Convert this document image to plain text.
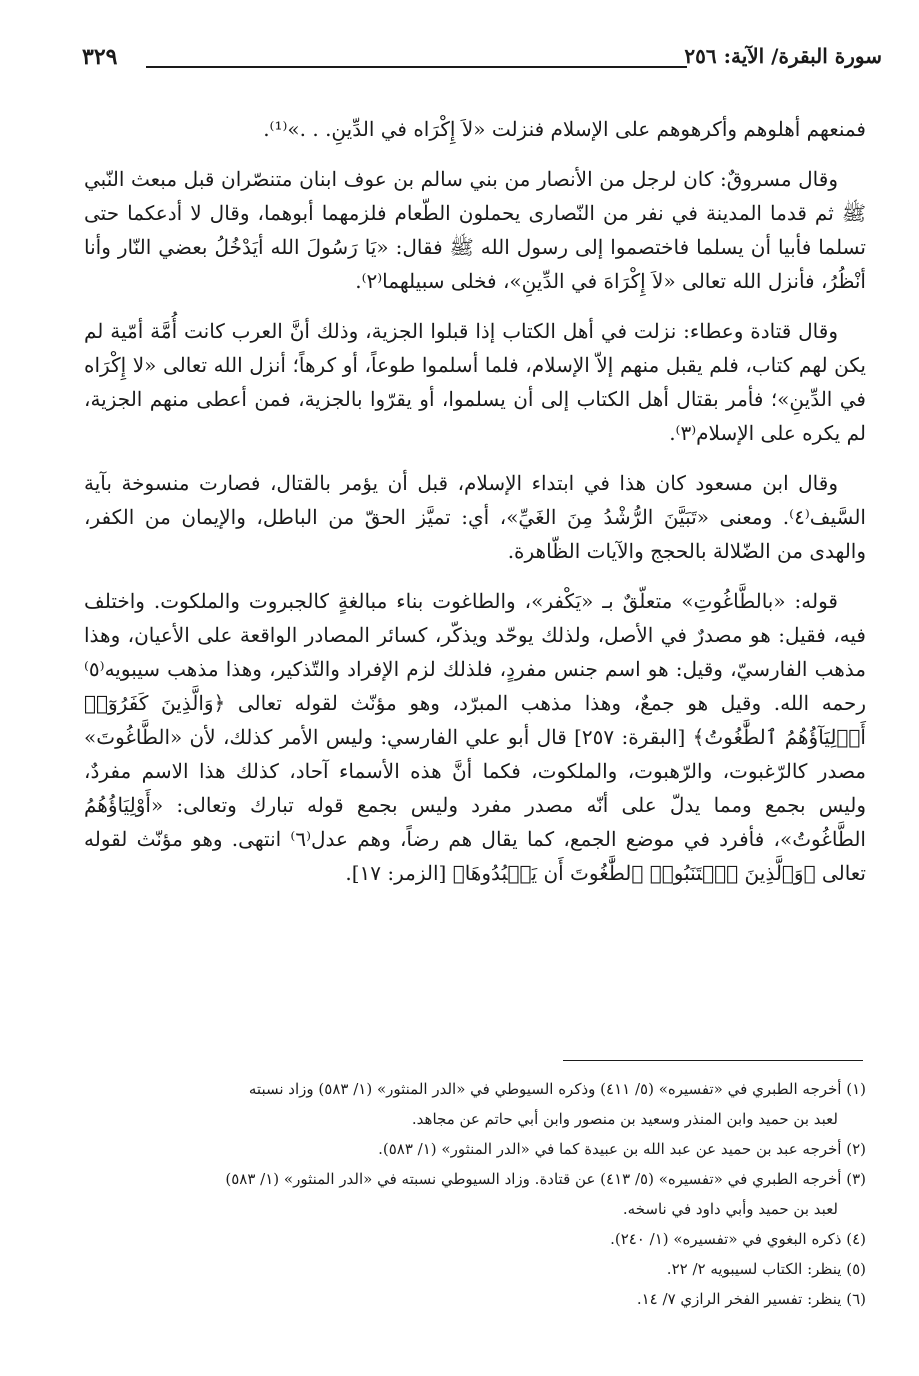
سورة البقرة/ الآية: ٢٥٦
٣٢٩

فمنعهم أهلوهم وأكرهوهم على الإسلام فنزلت «لاَ إِكْرَاه في الدِّينِ. . .»⁽¹⁾.

وقال مسروقٌ: كان لرجل من الأنصار من بني سالم بن عوف ابنان متنصّران قبل مبعث النّبي ﷺ ثم قدما المدينة في نفر من النّصارى يحملون الطّعام فلزمهما أبوهما، وقال لا أدعكما حتى تسلما فأبيا أن يسلما فاختصموا إلى رسول الله ﷺ فقال: «يَا رَسُولَ الله أيَدْخُلُ بعضي النّار وأنا أنْظُرُ، فأنزل الله تعالى «لاَ إِكْرَاهَ في الدِّينِ»، فخلى سبيلهما⁽٢⁾.

وقال قتادة وعطاء: نزلت في أهل الكتاب إذا قبلوا الجزية، وذلك أنَّ العرب كانت أُمَّة أمّية لم يكن لهم كتاب، فلم يقبل منهم إلاّ الإسلام، فلما أسلموا طوعاً، أو كرهاً؛ أنزل الله تعالى «لا إِكْرَاه في الدِّينِ»؛ فأمر بقتال أهل الكتاب إلى أن يسلموا، أو يقرّوا بالجزية، فمن أعطى منهم الجزية، لم يكره على الإسلام⁽٣⁾.

وقال ابن مسعود كان هذا في ابتداء الإسلام، قبل أن يؤمر بالقتال، فصارت منسوخة بآية السَّيف⁽٤⁾. ومعنى «تَبَيَّنَ الرُّشْدُ مِنَ الغَيِّ»، أي: تميَّز الحقّ من الباطل، والإيمان من الكفر، والهدى من الضّلالة بالحجج والآيات الظّاهرة.

قوله: «بالطَّاغُوتِ» متعلّقٌ بـ «يَكْفر»، والطاغوت بناء مبالغةٍ كالجبروت والملكوت. واختلف فيه، فقيل: هو مصدرٌ في الأصل، ولذلك يوحّد ويذكّر، كسائر المصادر الواقعة على الأعيان، وهذا مذهب الفارسيّ، وقيل: هو اسم جنس مفردٍ، فلذلك لزم الإفراد والتّذكير، وهذا مذهب سيبويه⁽٥⁾ رحمه الله. وقيل هو جمعٌ، وهذا مذهب المبرّد، وهو مؤنّث لقوله تعالى ﴿وَالَّذِينَ كَفَرُوٓا۟ أَوۡلِيَآؤُهُمُ ٱلطَّٰغُوتُ﴾ [البقرة: ٢٥٧] قال أبو علي الفارسي: وليس الأمر كذلك، لأن «الطَّاغُوتَ» مصدر كالرّغبوت، والرّهبوت، والملكوت، فكما أنَّ هذه الأسماء آحاد، كذلك هذا الاسم مفردٌ، وليس بجمع ومما يدلّ على أنّه مصدر مفرد وليس بجمع قوله تبارك وتعالى: «أَوْلِيَاؤُهُمُ الطَّاغُوتُ»، فأفرد في موضع الجمع، كما يقال هم رضاً، وهم عدل⁽٦⁾ انتهى. وهو مؤنّث لقوله تعالى ﴿وَٱلَّذِينَ ٱجۡتَنَبُوا۟ ٱلطَّٰغُوتَ أَن يَعۡبُدُوهَا﴾ [الزمر: ١٧].

(١) أخرجه الطبري في «تفسيره» (٥/ ٤١١) وذكره السيوطي في «الدر المنثور» (١/ ٥٨٣) وزاد نسبته

لعبد بن حميد وابن المنذر وسعيد بن منصور وابن أبي حاتم عن مجاهد.

(٢) أخرجه عبد بن حميد عن عبد الله بن عبيدة كما في «الدر المنثور» (١/ ٥٨٣).

(٣) أخرجه الطبري في «تفسيره» (٥/ ٤١٣) عن قتادة. وزاد السيوطي نسبته في «الدر المنثور» (١/ ٥٨٣)

لعبد بن حميد وأبي داود في ناسخه.

(٤) ذكره البغوي في «تفسيره» (١/ ٢٤٠).

(٥) ينظر: الكتاب لسيبويه ٢/ ٢٢.

(٦) ينظر: تفسير الفخر الرازي ٧/ ١٤.
